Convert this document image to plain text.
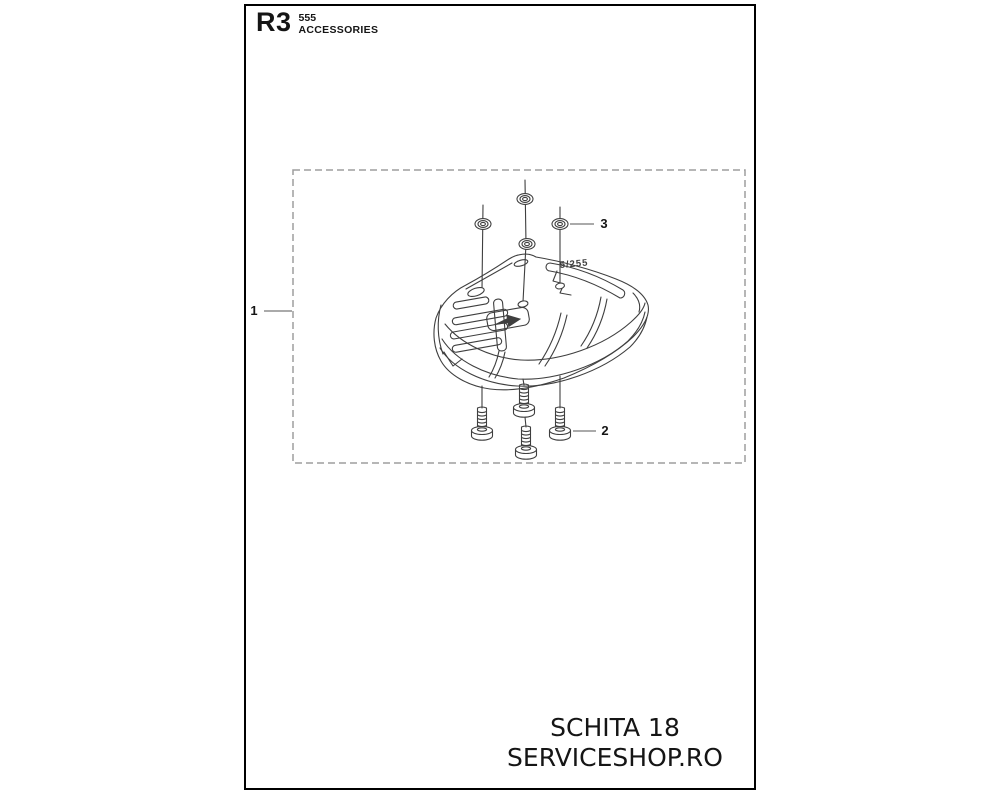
R3 555
ACCESSORIES
5/255
1
2
3
SCHITA 18
SERVICESHOP.RO
